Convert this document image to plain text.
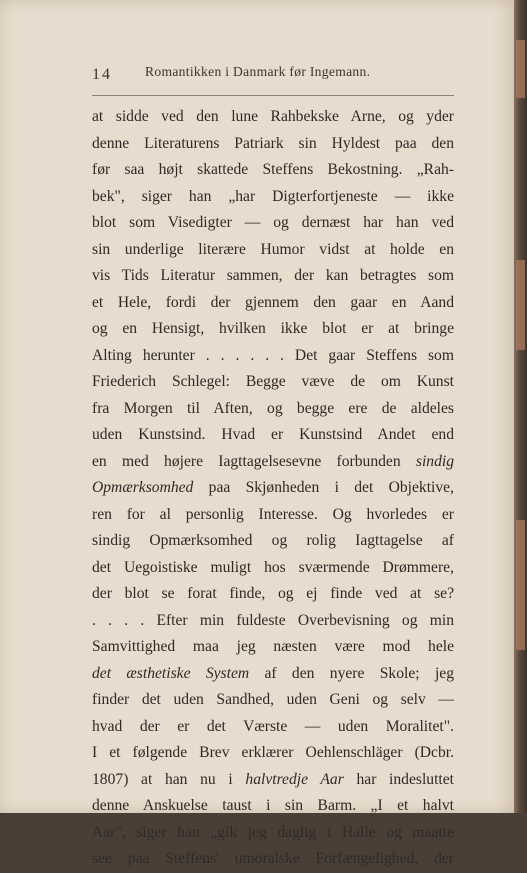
14 Romantikken i Danmark før Ingemann.
at sidde ved den lune Rahbekske Arne, og yder
denne Literaturens Patriark sin Hyldest paa den
før saa højt skattede Steffens Bekostning. „Rah-
bek", siger han „har Digterfortjeneste — ikke
blot som Visedigter — og dernæst har han ved
sin underlige literære Humor vidst at holde en
vis Tids Literatur sammen, der kan betragtes som
et Hele, fordi der gjennem den gaar en Aand
og en Hensigt, hvilken ikke blot er at bringe
Alting herunter . . . . . . Det gaar Steffens som
Friederich Schlegel: Begge væve de om Kunst
fra Morgen til Aften, og begge ere de aldeles
uden Kunstsind. Hvad er Kunstsind Andet end
en med højere Iagttagelsesevne forbunden sindig
Opmærksomhed paa Skjønheden i det Objektive,
ren for al personlig Interesse. Og hvorledes er
sindig Opmærksomhed og rolig Iagttagelse af
det Uegoistiske muligt hos sværmende Drømmere,
der blot se forat finde, og ej finde ved at se?
. . . . Efter min fuldeste Overbevisning og min
Samvittighed maa jeg næsten være mod hele
det æsthetiske System af den nyere Skole; jeg
finder det uden Sandhed, uden Geni og selv —
hvad der er det Værste — uden Moralitet".
I et følgende Brev erklærer Oehlenschläger (Dcbr.
1807) at han nu i halvtredje Aar har indesluttet
denne Anskuelse taust i sin Barm. „I et halvt
Aar", siger han „gik jeg daglig i Halle og maatte
see paa Steffens' umoralske Forfængelighed, der
